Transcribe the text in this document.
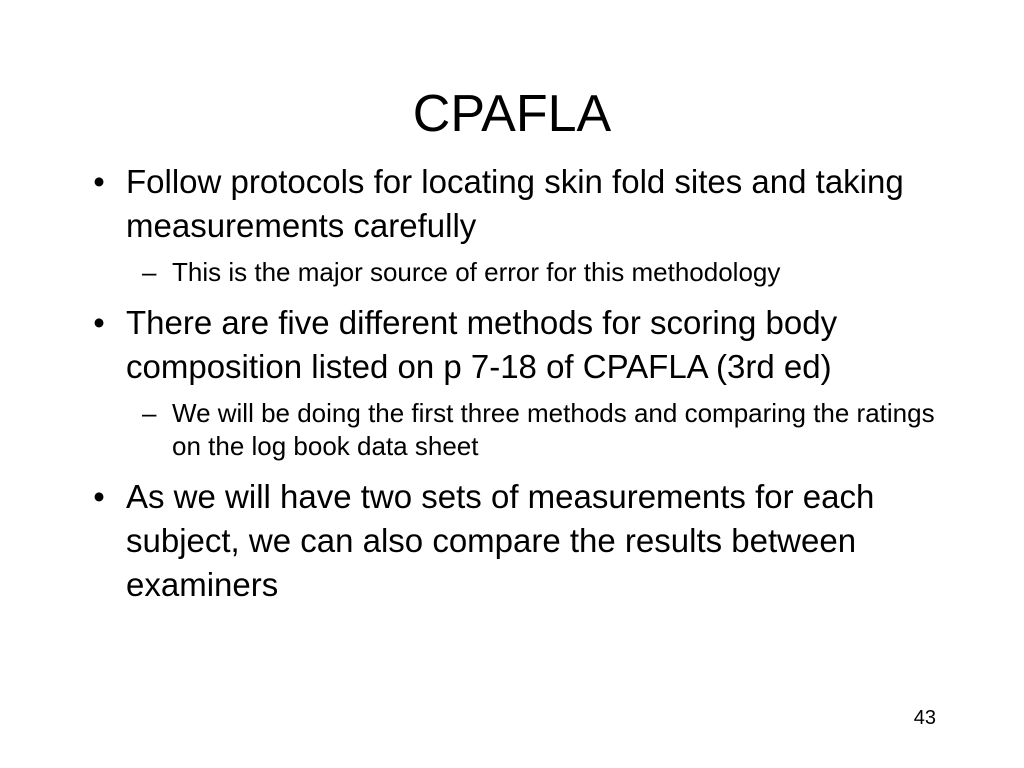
CPAFLA
• Follow protocols for locating skin fold sites and taking measurements carefully
– This is the major source of error for this methodology
• There are five different methods for scoring body composition listed on p 7-18 of CPAFLA (3rd ed)
– We will be doing the first three methods and comparing the ratings on the log book data sheet
• As we will have two sets of measurements for each subject, we can also compare the results between examiners
43
